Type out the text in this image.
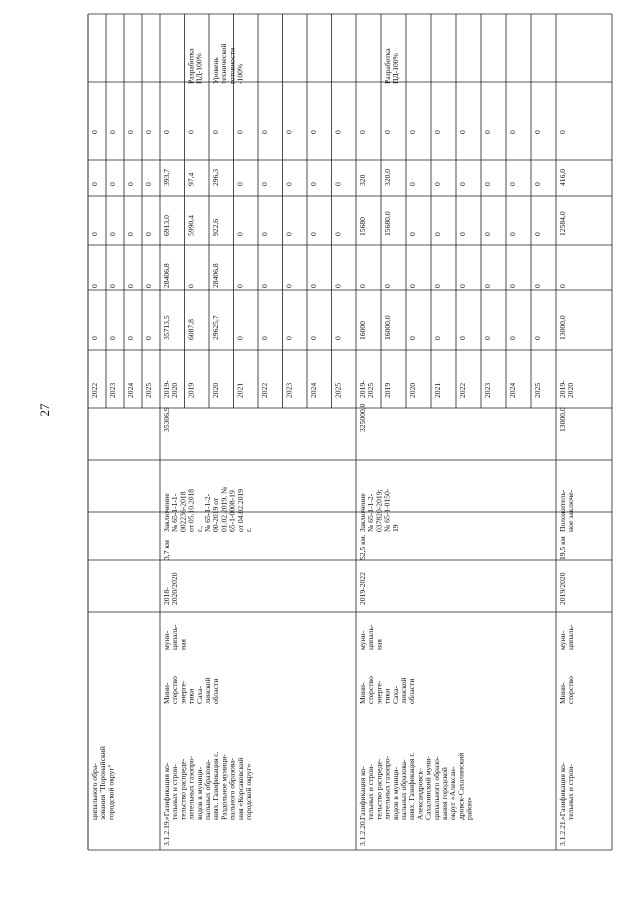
27
ципального обра-зования "Поронайскийгородской округ"
2022
0
0
0
0
0
2023
0
0
0
0
0
2024
0
0
0
0
0
2025
0
0
0
0
0
3.1.2.19.
«Газификация ко-тельных и строи-тельство распреде-лительных газопро-водов в муници-пальных образова-ниях. Газификация с.Раздольное муници-пального образова-ния «Корсаковскийгородской округ»
Мини-стерствоэнерге-тикиСаха-линскойобласти
муни-ципаль-ная
2018-2020/2020
3,7 км
Заключение№ 65-1-1-1-002236-2018от 05.10.2018г.,№ 65-1-1-2-00-2019 от01.02.2019, №65-1-0008-19от 04.02.2019г.
35306,9
2019-2020
35713,5
28406,8
6913,0
393,7
0
2019
6087,8
0
5990,4
97,4
0
РазработкаПД-100%
2020
29625,7
28406,8
922,6
296,3
0
Уровеньтехническойготовности-100%
2021
0
0
0
0
0
2022
0
0
0
0
0
2023
0
0
0
0
0
2024
0
0
0
0
0
2025
0
0
0
0
0
3.1.2.20.
Газификация ко-тельных и строи-тельство распреде-лительных газопро-водов в муници-пальных образова-ниях. Газификация г.Александровск-Сахалинский муни-ципального образо-вания городскойокруг «Алексан-дровск-Сахалинскийрайон»
Мини-стерствоэнерге-тикиСаха-линскойобласти
муни-ципаль-ная
2019-2022
52,5 км.
Заключение№ 65-1-1-2-037820-2019;№ 65-1-0150-19
325000,0
2019-2025
16000
0
15680
320
0
2019
16000,0
0
15680,0
320,0
0
РазработкаПД-100%
2020
0
0
0
0
0
2021
0
0
0
0
0
2022
0
0
0
0
0
2023
0
0
0
0
0
2024
0
0
0
0
0
2025
0
0
0
0
0
3.1.2.21.
«Газификация ко-тельных и строи-
Мини-стерство
муни-ципаль-
2019/2020
19,5 км
Положитель-ное заключе-
13000,0
2019-2020
13000,0
0
12584,0
416,0
0
